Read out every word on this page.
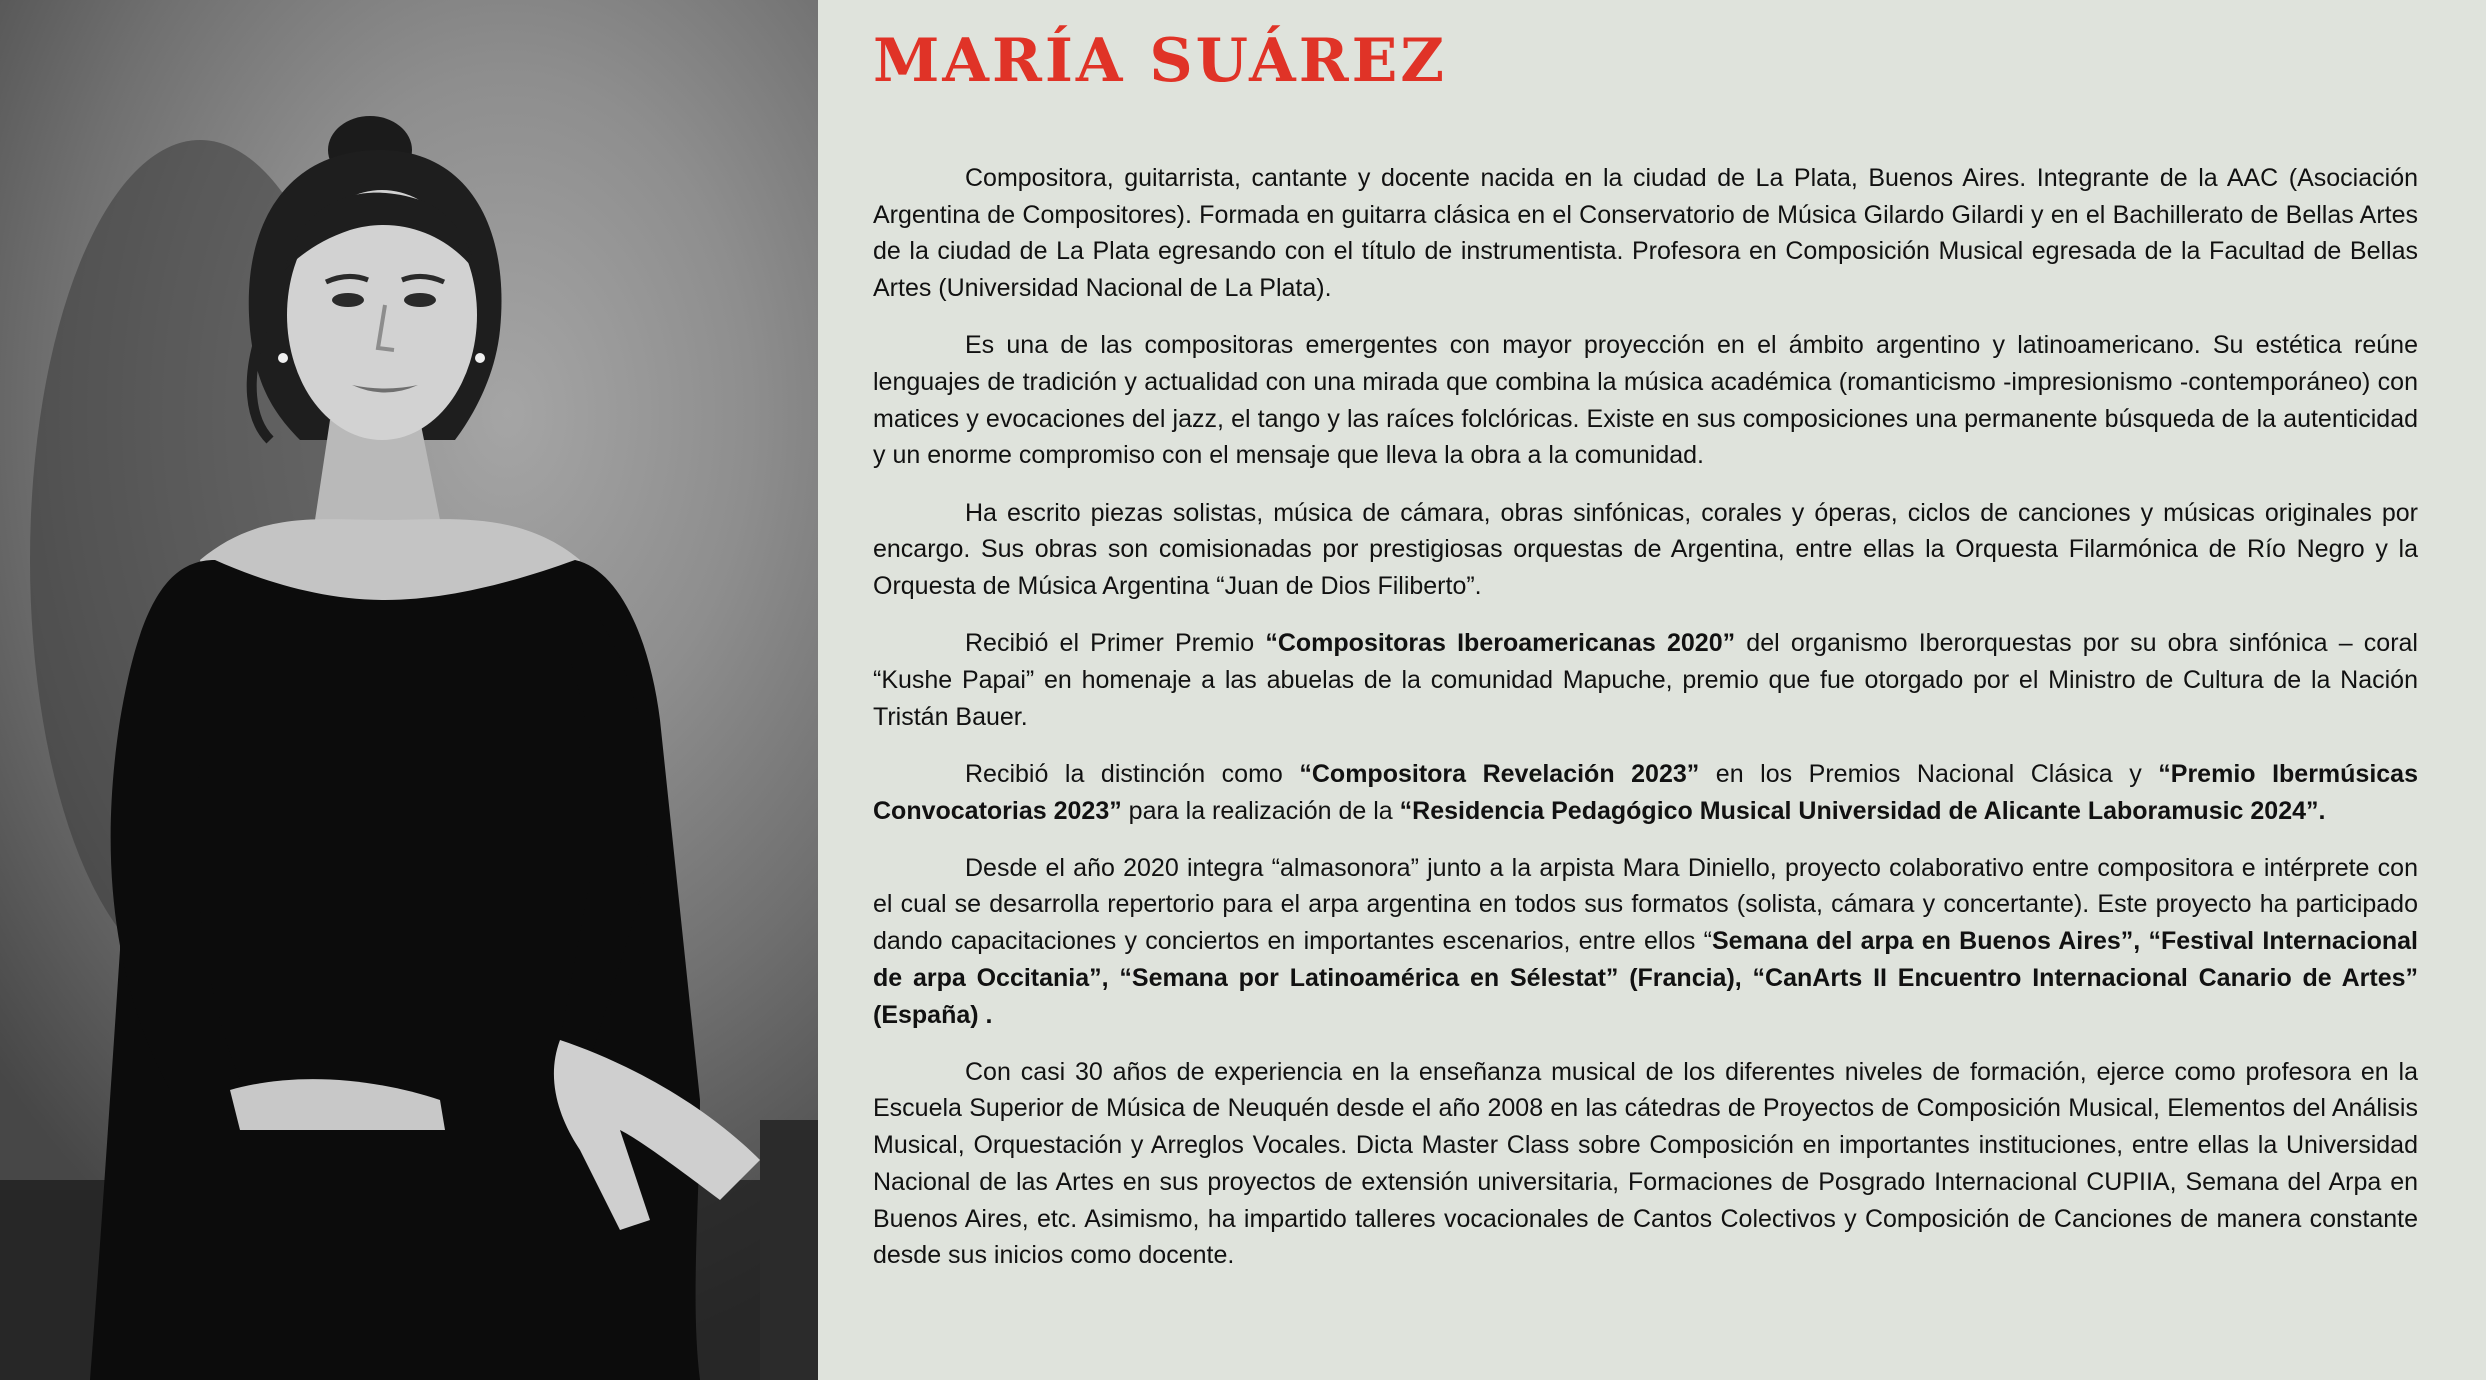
MARÍA SUÁREZ

Compositora, guitarrista, cantante y docente nacida en la ciudad de La Plata, Buenos Aires. Integrante de la AAC (Asociación Argentina de Compositores). Formada en guitarra clásica en el Conservatorio de Música Gilardo Gilardi y en el Bachillerato de Bellas Artes de la ciudad de La Plata egresando con el título de instrumentista. Profesora en Composición Musical egresada de la Facultad de Bellas Artes (Universidad Nacional de La Plata).

Es una de las compositoras emergentes con mayor proyección en el ámbito argentino y latinoamericano. Su estética reúne lenguajes de tradición y actualidad con una mirada que combina la música académica (romanticismo -impresionismo -contemporáneo) con matices y evocaciones del jazz, el tango y las raíces folclóricas. Existe en sus composiciones una permanente búsqueda de la autenticidad y un enorme compromiso con el mensaje que lleva la obra a la comunidad.

Ha escrito piezas solistas, música de cámara, obras sinfónicas, corales y óperas, ciclos de canciones y músicas originales por encargo. Sus obras son comisionadas por prestigiosas orquestas de Argentina, entre ellas la Orquesta Filarmónica de Río Negro y la Orquesta de Música Argentina “Juan de Dios Filiberto”.

Recibió el Primer Premio “Compositoras Iberoamericanas 2020” del organismo Iberorquestas por su obra sinfónica – coral “Kushe Papai” en homenaje a las abuelas de la comunidad Mapuche, premio que fue otorgado por el Ministro de Cultura de la Nación Tristán Bauer.

Recibió la distinción como “Compositora Revelación 2023” en los Premios Nacional Clásica y “Premio Ibermúsicas Convocatorias 2023” para la realización de la “Residencia Pedagógico Musical Universidad de Alicante Laboramusic 2024”.

Desde el año 2020 integra “almasonora” junto a la arpista Mara Diniello, proyecto colaborativo entre compositora e intérprete con el cual se desarrolla repertorio para el arpa argentina en todos sus formatos (solista, cámara y concertante). Este proyecto ha participado dando capacitaciones y conciertos en importantes escenarios, entre ellos “Semana del arpa en Buenos Aires”, “Festival Internacional de arpa Occitania”, “Semana por Latinoamérica en Sélestat” (Francia), “CanArts II Encuentro Internacional Canario de Artes” (España) .

Con casi 30 años de experiencia en la enseñanza musical de los diferentes niveles de formación, ejerce como profesora en la Escuela Superior de Música de Neuquén desde el año 2008 en las cátedras de Proyectos de Composición Musical, Elementos del Análisis Musical, Orquestación y Arreglos Vocales. Dicta Master Class sobre Composición en importantes instituciones, entre ellas la Universidad Nacional de las Artes en sus proyectos de extensión universitaria, Formaciones de Posgrado Internacional CUPIIA, Semana del Arpa en Buenos Aires, etc. Asimismo, ha impartido talleres vocacionales de Cantos Colectivos y Composición de Canciones de manera constante desde sus inicios como docente.
